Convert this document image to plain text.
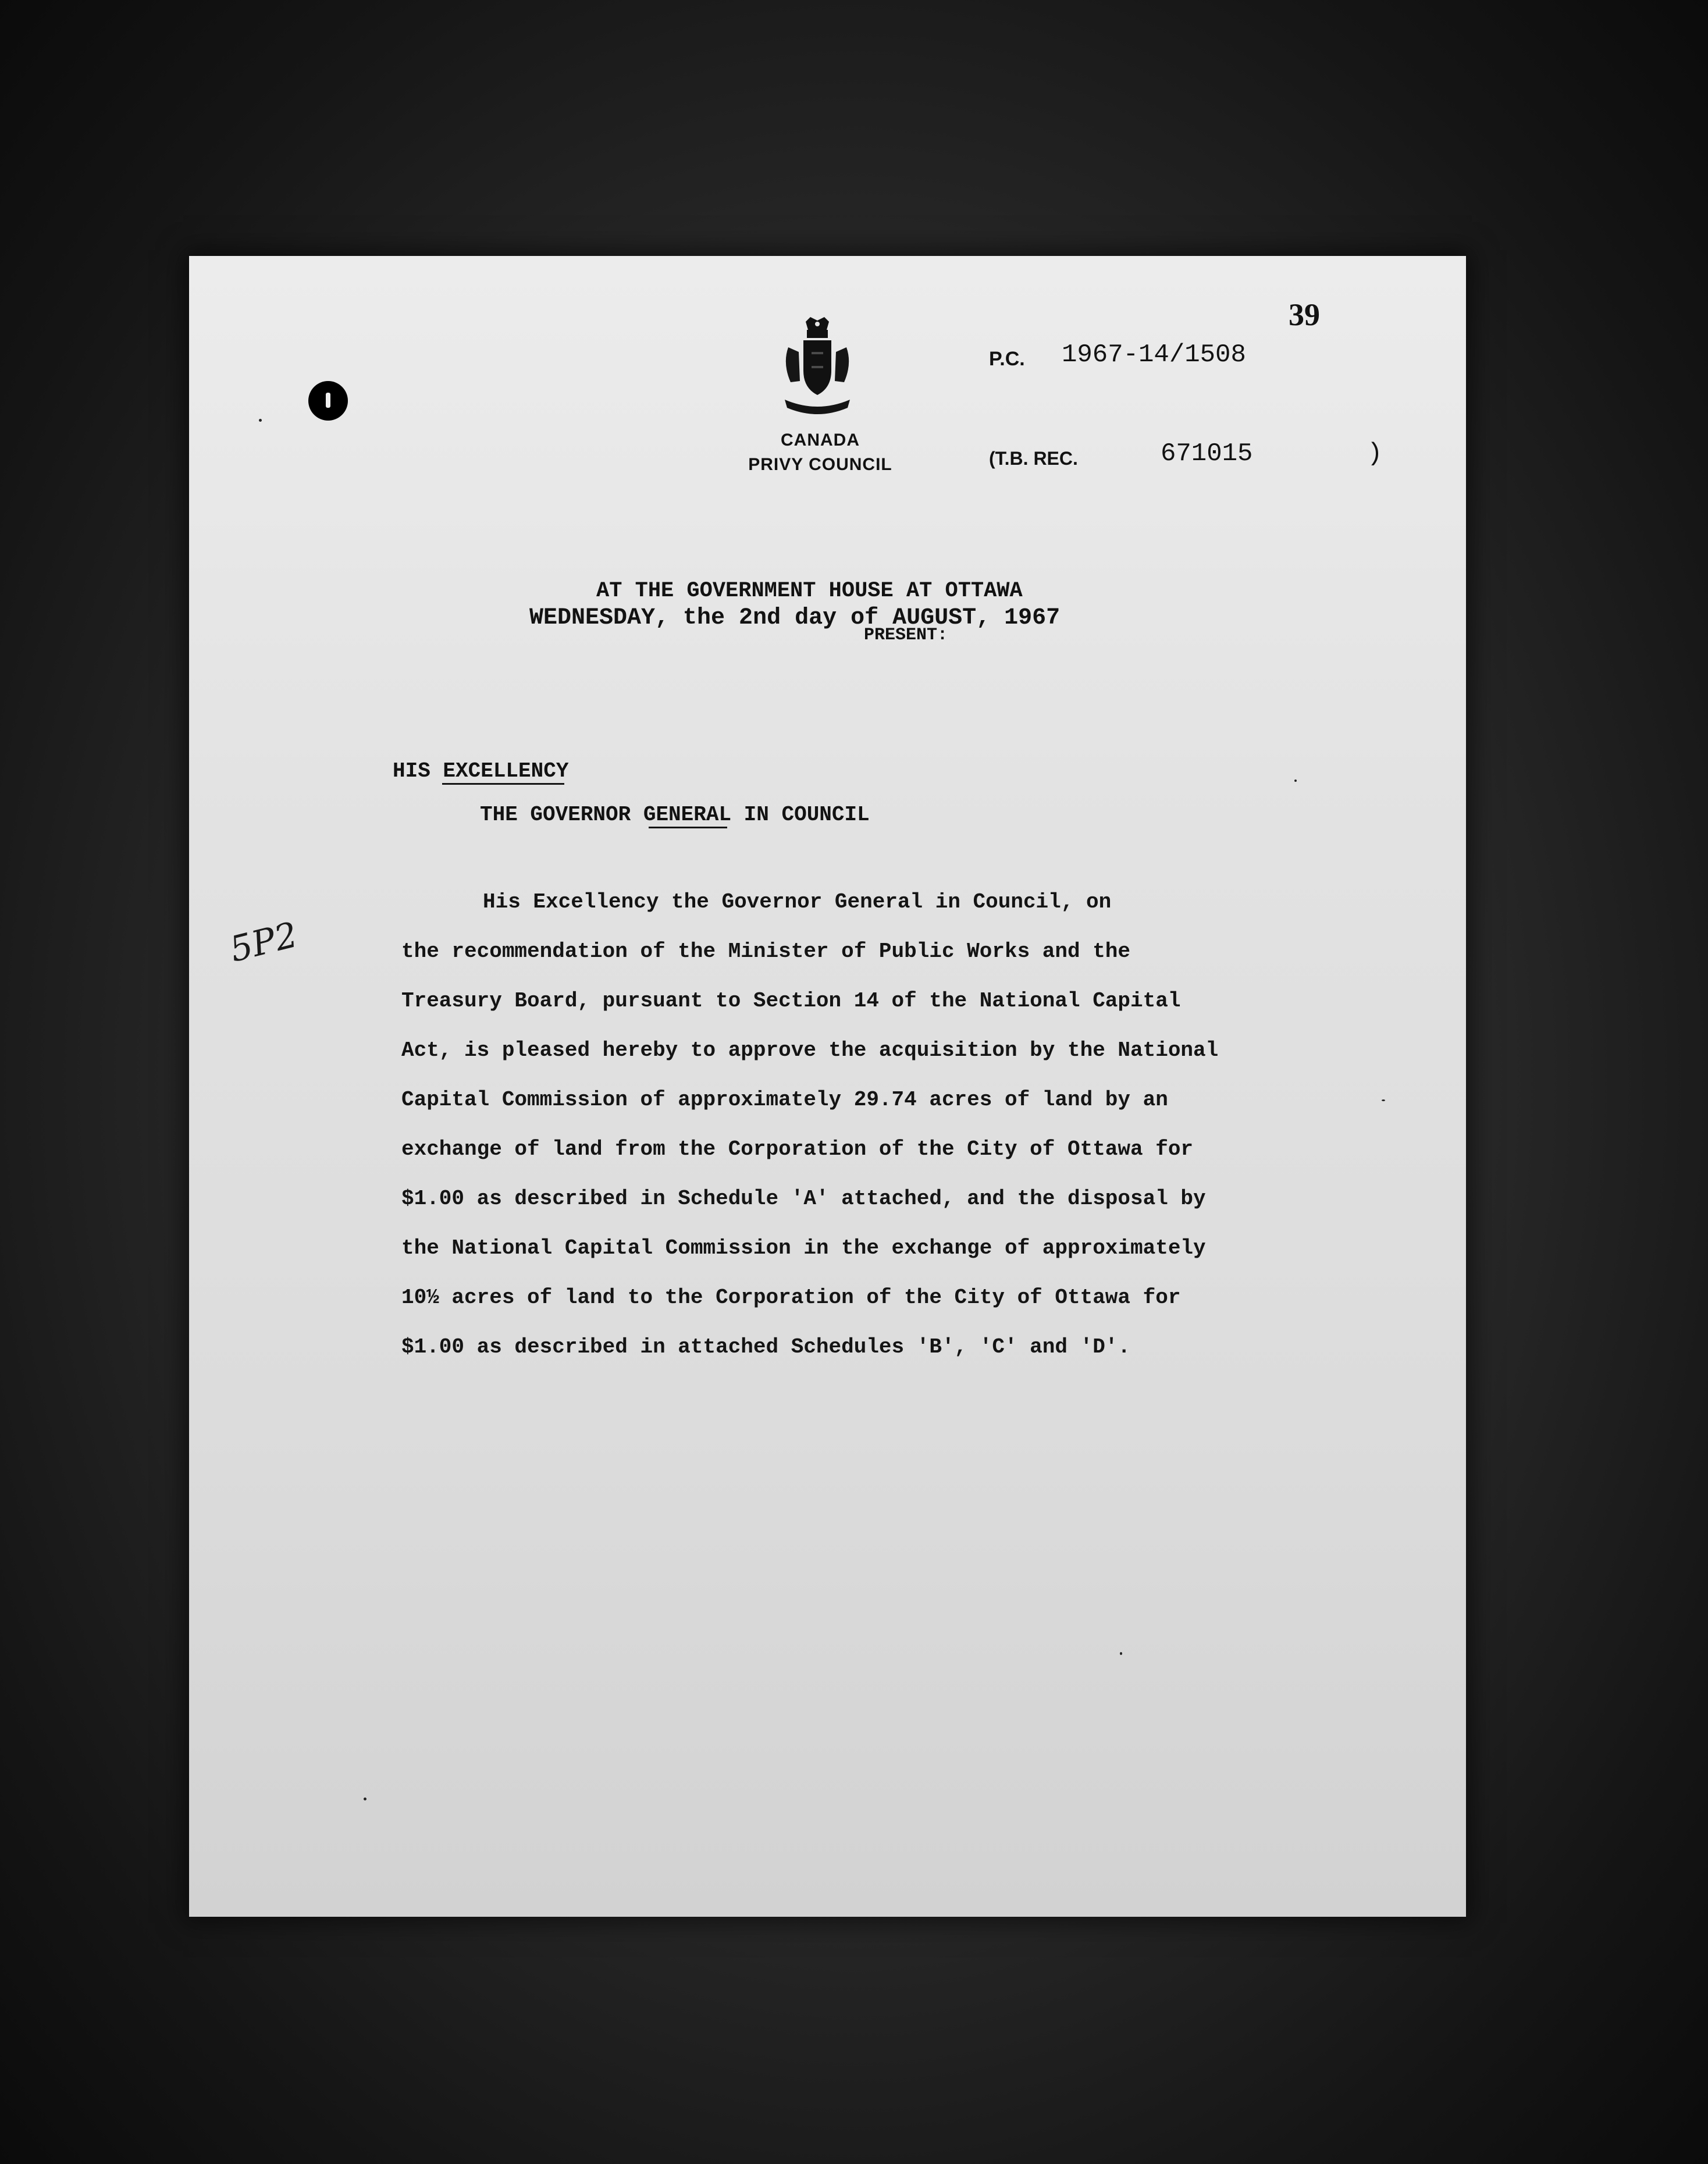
CANADA
PRIVY COUNCIL
39
P.C. 1967-14/1508
(T.B. REC.	671015	)
AT THE GOVERNMENT HOUSE AT OTTAWA
WEDNESDAY, the 2nd day of AUGUST, 1967
PRESENT:
HIS EXCELLENCY
THE GOVERNOR GENERAL IN COUNCIL
5P2
His Excellency the Governor General in Council, on
the recommendation of the Minister of Public Works and the
Treasury Board, pursuant to Section 14 of the National Capital
Act, is pleased hereby to approve the acquisition by the National
Capital Commission of approximately 29.74 acres of land by an
exchange of land from the Corporation of the City of Ottawa for
$1.00 as described in Schedule 'A' attached, and the disposal by
the National Capital Commission in the exchange of approximately
10½ acres of land to the Corporation of the City of Ottawa for
$1.00 as described in attached Schedules 'B', 'C' and 'D'.
